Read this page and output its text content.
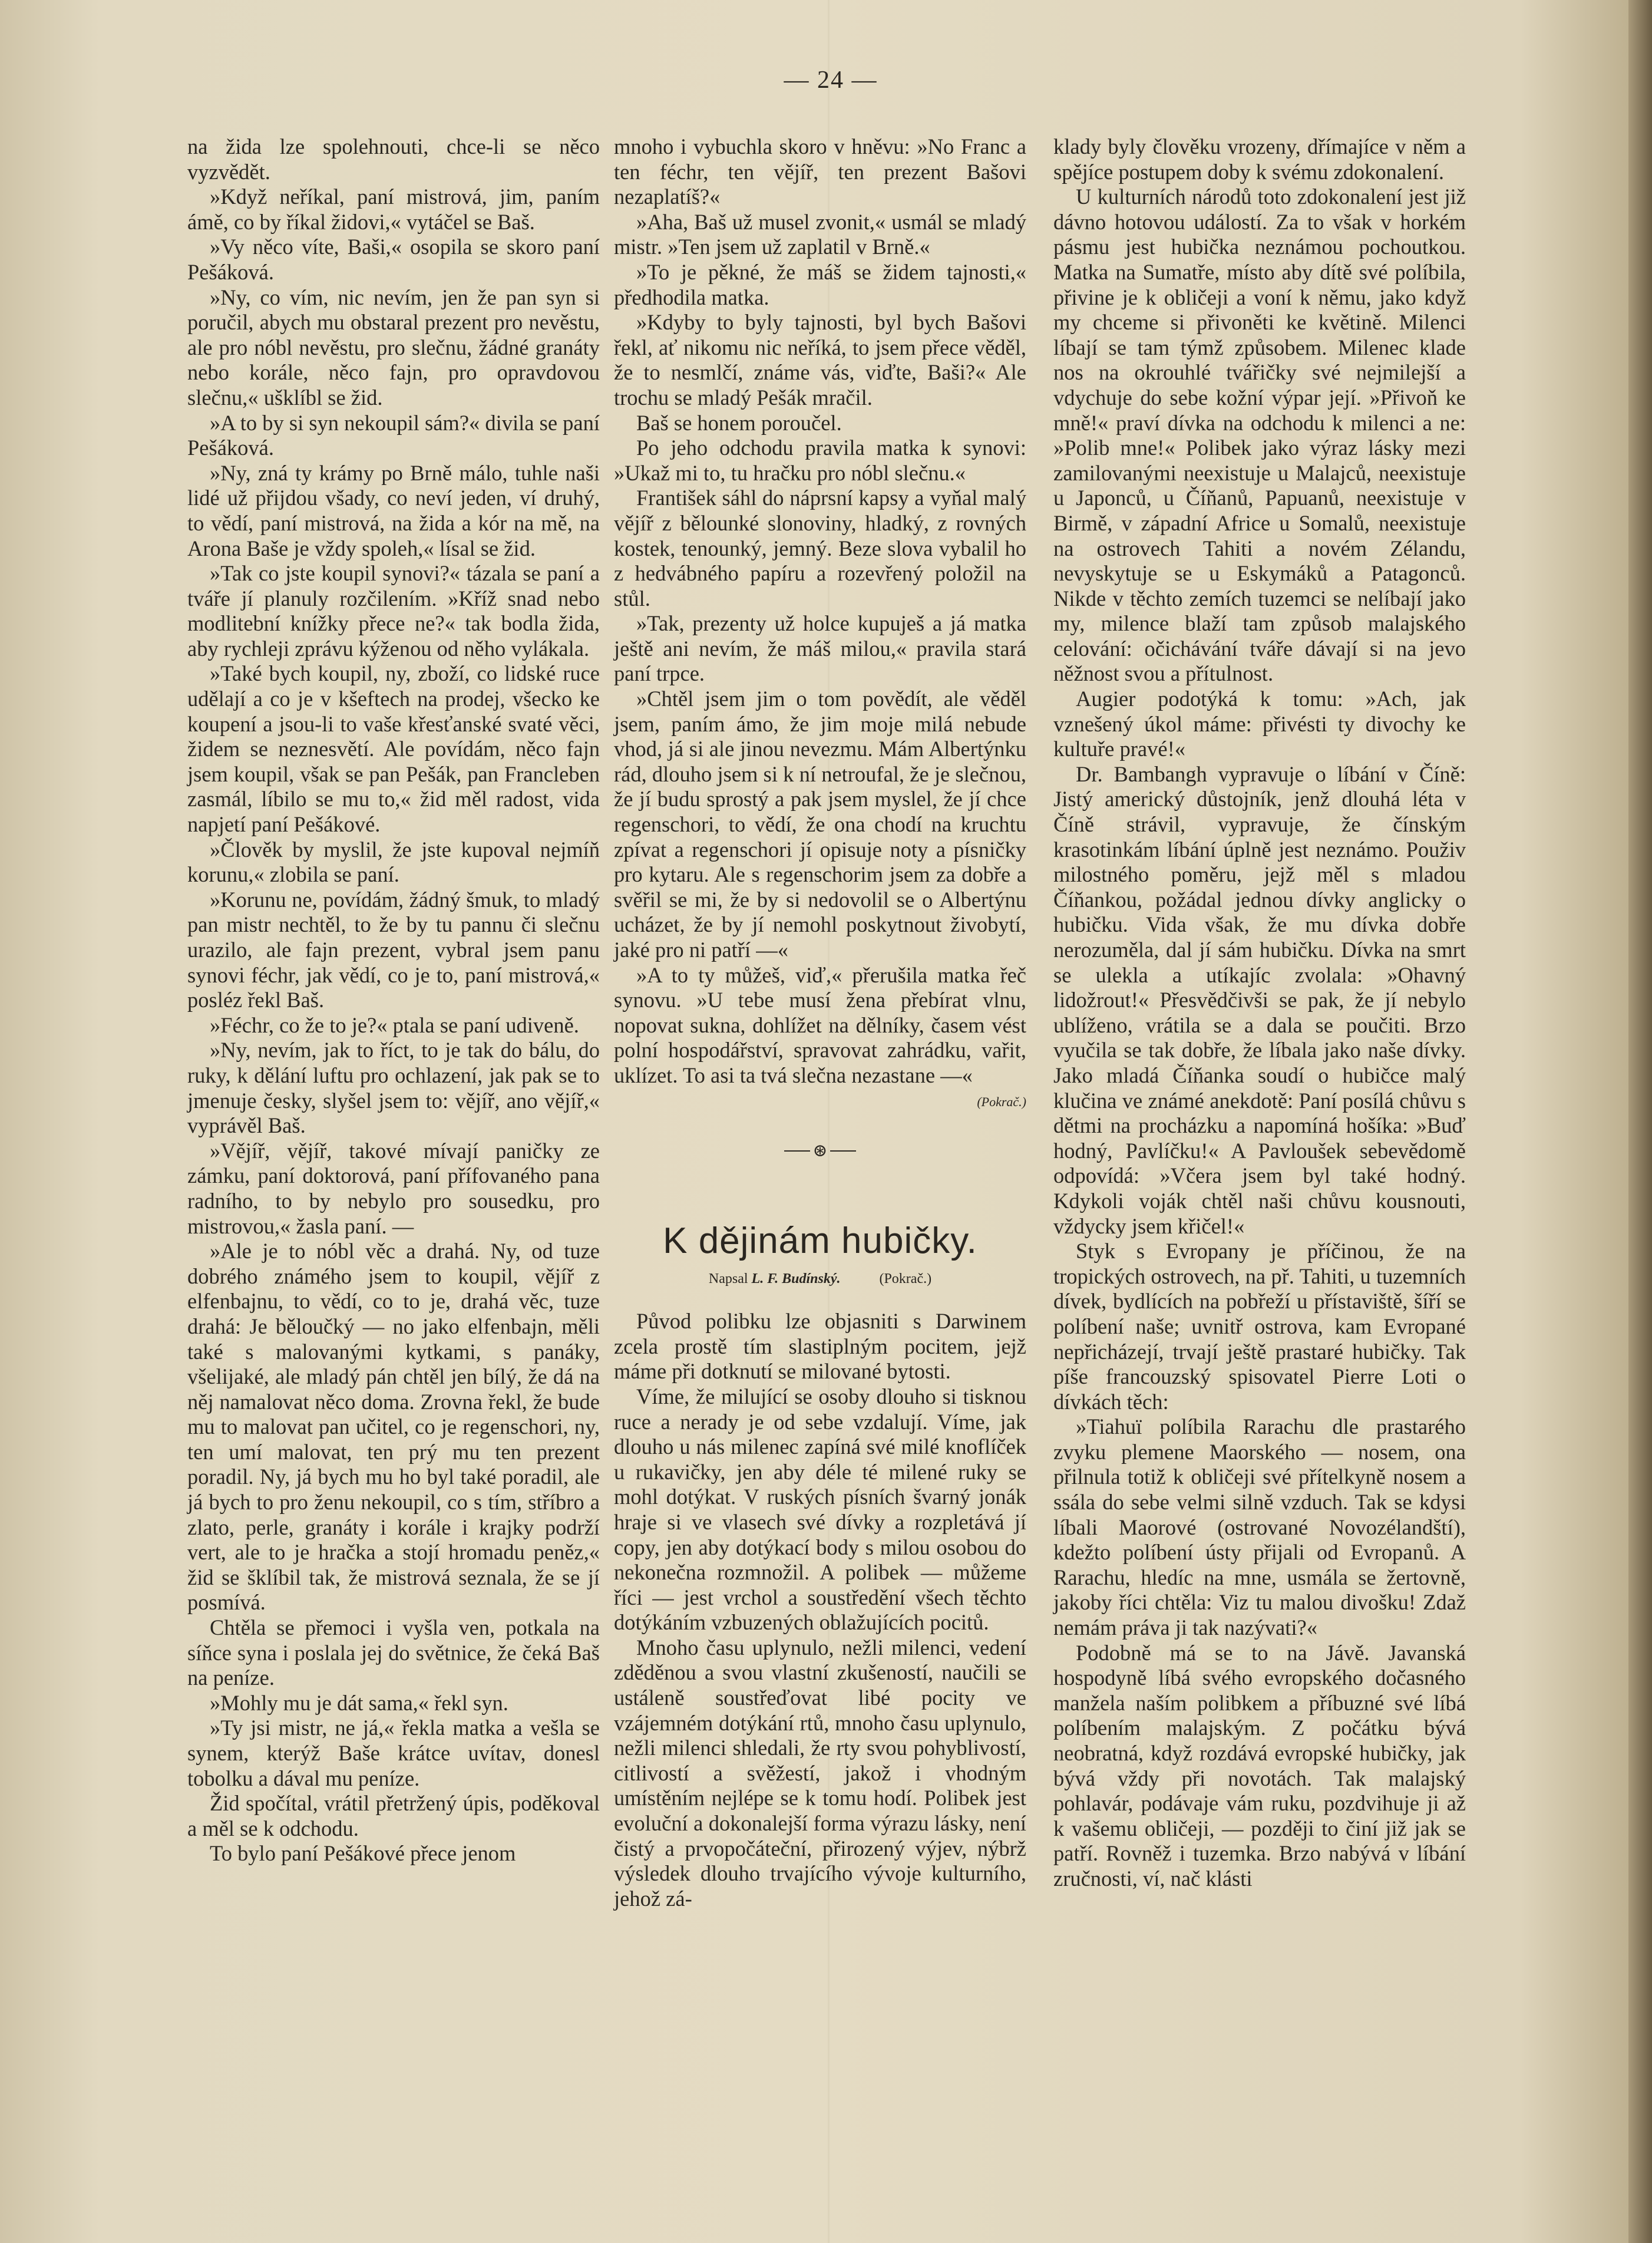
— 24 —

na žida lze spolehnouti, chce-li se něco vyzvědět.

»Když neříkal, paní mistrová, jim, paním ámě, co by říkal židovi,« vytáčel se Baš.

»Vy něco víte, Baši,« osopila se skoro paní Pešáková.

»Ny, co vím, nic nevím, jen že pan syn si poručil, abych mu obstaral prezent pro nevěstu, ale pro nóbl nevěstu, pro slečnu, žádné granáty nebo korále, něco fajn, pro opravdovou slečnu,« ušklíbl se žid.

»A to by si syn nekoupil sám?« divila se paní Pešáková.

»Ny, zná ty krámy po Brně málo, tuhle naši lidé už přijdou všady, co neví jeden, ví druhý, to vědí, paní mistrová, na žida a kór na mě, na Arona Baše je vždy spoleh,« lísal se žid.

»Tak co jste koupil synovi?« tázala se paní a tváře jí planuly rozčilením. »Kříž snad nebo modlitební knížky přece ne?« tak bodla žida, aby rychleji zprávu kýženou od něho vylákala.

»Také bych koupil, ny, zboží, co lidské ruce udělají a co je v kšeftech na prodej, všecko ke koupení a jsou-li to vaše křesťanské svaté věci, židem se neznesvětí. Ale povídám, něco fajn jsem koupil, však se pan Pešák, pan Francleben zasmál, líbilo se mu to,« žid měl radost, vida napjetí paní Pešákové.

»Člověk by myslil, že jste kupoval nejmíň korunu,« zlobila se paní.

»Korunu ne, povídám, žádný šmuk, to mladý pan mistr nechtěl, to že by tu pannu či slečnu urazilo, ale fajn prezent, vybral jsem panu synovi féchr, jak vědí, co je to, paní mistrová,« posléz řekl Baš.

»Féchr, co že to je?« ptala se paní udiveně.

»Ny, nevím, jak to říct, to je tak do bálu, do ruky, k dělání luftu pro ochlazení, jak pak se to jmenuje česky, slyšel jsem to: vějíř, ano vějíř,« vyprávěl Baš.

»Vějíř, vějíř, takové mívají paničky ze zámku, paní doktorová, paní přífovaného pana radního, to by nebylo pro sousedku, pro mistrovou,« žasla paní. —

»Ale je to nóbl věc a drahá. Ny, od tuze dobrého známého jsem to koupil, vějíř z elfenbajnu, to vědí, co to je, drahá věc, tuze drahá: Je běloučký — no jako elfenbajn, měli také s malovanými kytkami, s panáky, všelijaké, ale mladý pán chtěl jen bílý, že dá na něj namalovat něco doma. Zrovna řekl, že bude mu to malovat pan učitel, co je regenschori, ny, ten umí malovat, ten prý mu ten prezent poradil. Ny, já bych mu ho byl také poradil, ale já bych to pro ženu nekoupil, co s tím, stříbro a zlato, perle, granáty i korále i krajky podrží vert, ale to je hračka a stojí hromadu peněz,« žid se šklíbil tak, že mistrová seznala, že se jí posmívá.

Chtěla se přemoci i vyšla ven, potkala na síňce syna i poslala jej do světnice, že čeká Baš na peníze.

»Mohly mu je dát sama,« řekl syn.

»Ty jsi mistr, ne já,« řekla matka a vešla se synem, kterýž Baše krátce uvítav, donesl tobolku a dával mu peníze.

Žid spočítal, vrátil přetržený úpis, poděkoval a měl se k odchodu.

To bylo paní Pešákové přece jenom

mnoho i vybuchla skoro v hněvu: »No Franc a ten féchr, ten vějíř, ten prezent Bašovi nezaplatíš?«

»Aha, Baš už musel zvonit,« usmál se mladý mistr. »Ten jsem už zaplatil v Brně.«

»To je pěkné, že máš se židem tajnosti,« předhodila matka.

»Kdyby to byly tajnosti, byl bych Bašovi řekl, ať nikomu nic neříká, to jsem přece věděl, že to nesmlčí, známe vás, viďte, Baši?« Ale trochu se mladý Pešák mračil.

Baš se honem poroučel.

Po jeho odchodu pravila matka k synovi: »Ukaž mi to, tu hračku pro nóbl slečnu.«

František sáhl do náprsní kapsy a vyňal malý vějíř z bělounké slonoviny, hladký, z rovných kostek, tenounký, jemný. Beze slova vybalil ho z hedvábného papíru a rozevřený položil na stůl.

»Tak, prezenty už holce kupuješ a já matka ještě ani nevím, že máš milou,« pravila stará paní trpce.

»Chtěl jsem jim o tom povědít, ale věděl jsem, paním ámo, že jim moje milá nebude vhod, já si ale jinou nevezmu. Mám Albertýnku rád, dlouho jsem si k ní netroufal, že je slečnou, že jí budu sprostý a pak jsem myslel, že jí chce regenschori, to vědí, že ona chodí na kruchtu zpívat a regenschori jí opisuje noty a písničky pro kytaru. Ale s regenschorim jsem za dobře a svěřil se mi, že by si nedovolil se o Albertýnu ucházet, že by jí nemohl poskytnout živobytí, jaké pro ni patří —«

»A to ty můžeš, viď,« přerušila matka řeč synovu. »U tebe musí žena přebírat vlnu, nopovat sukna, dohlížet na dělníky, časem vést polní hospodářství, spravovat zahrádku, vařit, uklízet. To asi ta tvá slečna nezastane —«

(Pokrač.)
⊛
K dějinám hubičky.
Napsal L. F. Budínský.	(Pokrač.)

Původ polibku lze objasniti s Darwinem zcela prostě tím slastiplným pocitem, jejž máme při dotknutí se milované bytosti.

Víme, že milující se osoby dlouho si tisknou ruce a nerady je od sebe vzdalují. Víme, jak dlouho u nás milenec zapíná své milé knoflíček u rukavičky, jen aby déle té milené ruky se mohl dotýkat. V ruských písních švarný jonák hraje si ve vlasech své dívky a rozpletává jí copy, jen aby dotýkací body s milou osobou do nekonečna rozmnožil. A polibek — můžeme říci — jest vrchol a soustředění všech těchto dotýkáním vzbuzených oblažujících pocitů.

Mnoho času uplynulo, nežli milenci, vedení zděděnou a svou vlastní zkušeností, naučili se ustáleně soustřeďovat libé pocity ve vzájemném dotýkání rtů, mnoho času uplynulo, nežli milenci shledali, že rty svou pohyblivostí, citlivostí a svěžestí, jakož i vhodným umístěním nejlépe se k tomu hodí. Polibek jest evoluční a dokonalejší forma výrazu lásky, není čistý a prvopočáteční, přirozený výjev, nýbrž výsledek dlouho trvajícího vývoje kulturního, jehož zá-

klady byly člověku vrozeny, dřímajíce v něm a spějíce postupem doby k svému zdokonalení.

U kulturních národů toto zdokonalení jest již dávno hotovou událostí. Za to však v horkém pásmu jest hubička neznámou pochoutkou. Matka na Sumatře, místo aby dítě své políbila, přivine je k obličeji a voní k němu, jako když my chceme si přivoněti ke květině. Milenci líbají se tam týmž způsobem. Milenec klade nos na okrouhlé tvářičky své nejmilejší a vdychuje do sebe kožní výpar její. »Přivoň ke mně!« praví dívka na odchodu k milenci a ne: »Polib mne!« Polibek jako výraz lásky mezi zamilovanými neexistuje u Malajců, neexistuje u Japonců, u Číňanů, Papuanů, neexistuje v Birmě, v západní Africe u Somalů, neexistuje na ostrovech Tahiti a novém Zélandu, nevyskytuje se u Eskymáků a Patagonců. Nikde v těchto zemích tuzemci se nelíbají jako my, milence blaží tam způsob malajského celování: očichávání tváře dávají si na jevo něžnost svou a přítulnost.

Augier podotýká k tomu: »Ach, jak vznešený úkol máme: přivésti ty divochy ke kultuře pravé!«

Dr. Bambangh vypravuje o líbání v Číně: Jistý americký důstojník, jenž dlouhá léta v Číně strávil, vypravuje, že čínským krasotinkám líbání úplně jest neznámo. Použiv milostného poměru, jejž měl s mladou Číňankou, požádal jednou dívky anglicky o hubičku. Vida však, že mu dívka dobře nerozuměla, dal jí sám hubičku. Dívka na smrt se ulekla a utíkajíc zvolala: »Ohavný lidožrout!« Přesvědčivši se pak, že jí nebylo ublíženo, vrátila se a dala se poučiti. Brzo vyučila se tak dobře, že líbala jako naše dívky. Jako mladá Číňanka soudí o hubičce malý klučina ve známé anekdotě: Paní posílá chůvu s dětmi na procházku a napomíná hošíka: »Buď hodný, Pavlíčku!« A Pavloušek sebevědomě odpovídá: »Včera jsem byl také hodný. Kdykoli voják chtěl naši chůvu kousnouti, vždycky jsem křičel!«

Styk s Evropany je příčinou, že na tropických ostrovech, na př. Tahiti, u tuzemních dívek, bydlících na pobřeží u přístaviště, šíří se políbení naše; uvnitř ostrova, kam Evropané nepřicházejí, trvají ještě prastaré hubičky. Tak píše francouzský spisovatel Pierre Loti o dívkách těch:

»Tiahuï políbila Rarachu dle prastarého zvyku plemene Maorského — nosem, ona přilnula totiž k obličeji své přítelkyně nosem a ssála do sebe velmi silně vzduch. Tak se kdysi líbali Maorové (ostrované Novozélandští), kdežto políbení ústy přijali od Evropanů. A Rarachu, hledíc na mne, usmála se žertovně, jakoby říci chtěla: Viz tu malou divošku! Zdaž nemám práva ji tak nazývati?«

Podobně má se to na Jávě. Javanská hospodyně líbá svého evropského dočasného manžela naším polibkem a příbuzné své líbá políbením malajským. Z počátku bývá neobratná, když rozdává evropské hubičky, jak bývá vždy při novotách. Tak malajský pohlavár, podávaje vám ruku, pozdvihuje ji až k vašemu obličeji, — později to činí již jak se patří. Rovněž i tuzemka. Brzo nabývá v líbání zručnosti, ví, nač klásti
